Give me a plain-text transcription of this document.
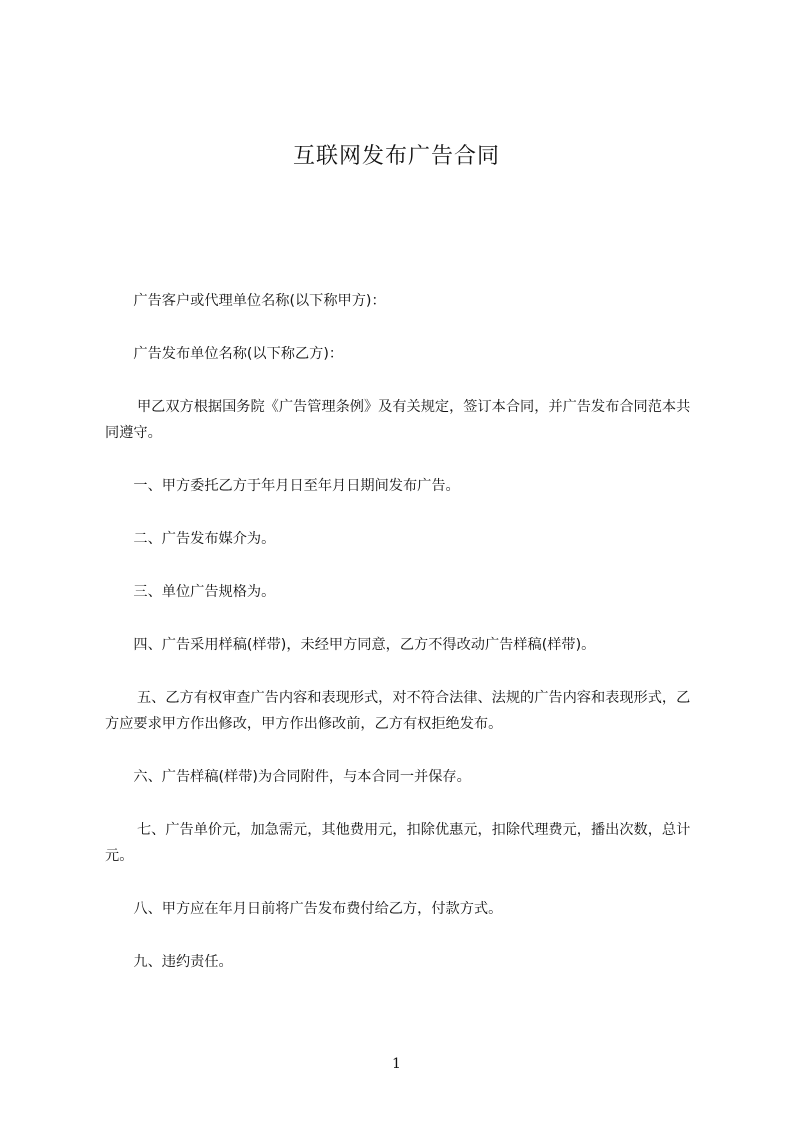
互联网发布广告合同

广告客户或代理单位名称(以下称甲方)：

广告发布单位名称(以下称乙方)：

甲乙双方根据国务院《广告管理条例》及有关规定，签订本合同，并广告发布合同范本共同遵守。

一、甲方委托乙方于年月日至年月日期间发布广告。

二、广告发布媒介为。

三、单位广告规格为。

四、广告采用样稿(样带)，未经甲方同意，乙方不得改动广告样稿(样带)。

五、乙方有权审查广告内容和表现形式，对不符合法律、法规的广告内容和表现形式，乙方应要求甲方作出修改，甲方作出修改前，乙方有权拒绝发布。

六、广告样稿(样带)为合同附件，与本合同一并保存。

七、广告单价元，加急需元，其他费用元，扣除优惠元，扣除代理费元，播出次数，总计元。

八、甲方应在年月日前将广告发布费付给乙方，付款方式。

九、违约责任。

1
